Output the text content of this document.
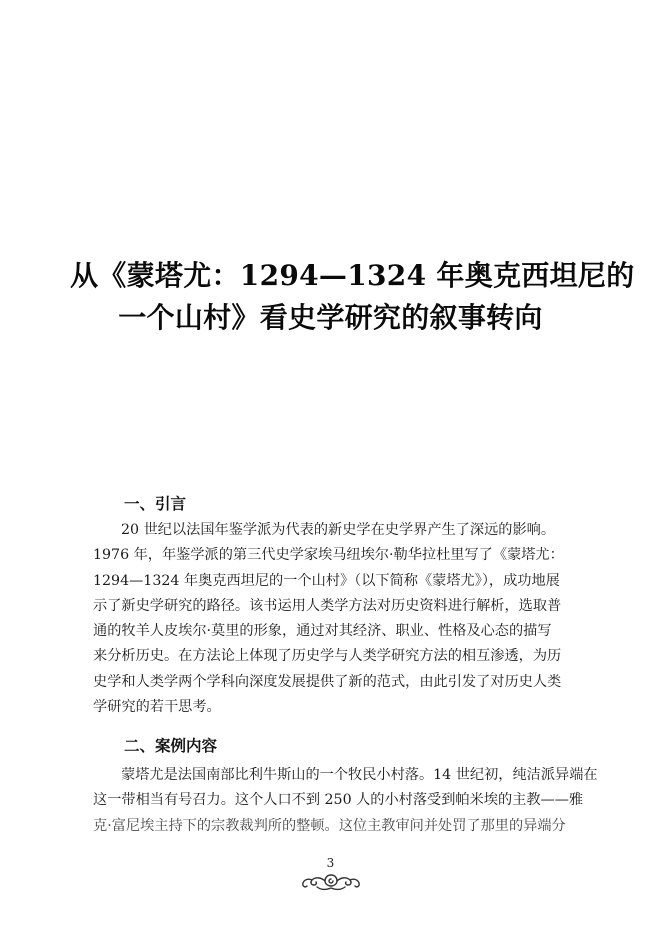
从《蒙塔尤：1294—1324 年奥克西坦尼的
一个山村》看史学研究的叙事转向
一、引言
20 世纪以法国年鉴学派为代表的新史学在史学界产生了深远的影响。
1976 年，年鉴学派的第三代史学家埃马纽埃尔·勒华拉杜里写了《蒙塔尤：
1294—1324 年奥克西坦尼的一个山村》（以下简称《蒙塔尤》），成功地展
示了新史学研究的路径。该书运用人类学方法对历史资料进行解析，选取普
通的牧羊人皮埃尔·莫里的形象，通过对其经济、职业、性格及心态的描写
来分析历史。在方法论上体现了历史学与人类学研究方法的相互渗透，为历
史学和人类学两个学科向深度发展提供了新的范式，由此引发了对历史人类
学研究的若干思考。
二、案例内容
蒙塔尤是法国南部比利牛斯山的一个牧民小村落。14 世纪初，纯洁派异端在
这一带相当有号召力。这个人口不到 250 人的小村落受到帕米埃的主教——雅
克·富尼埃主持下的宗教裁判所的整顿。这位主教审问并处罚了那里的异端分
3
